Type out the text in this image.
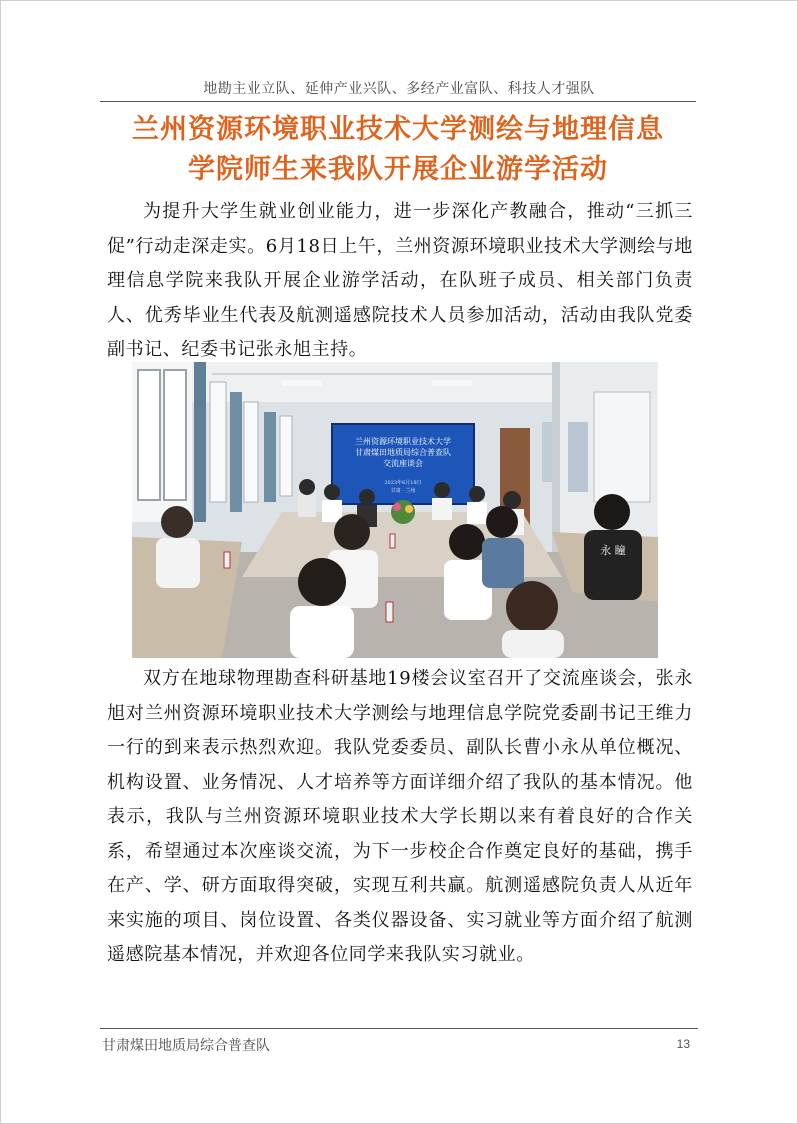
地勘主业立队、延伸产业兴队、多经产业富队、科技人才强队
兰州资源环境职业技术大学测绘与地理信息
学院师生来我队开展企业游学活动

为提升大学生就业创业能力，进一步深化产教融合，推动“三抓三促”行动走深走实。6月18日上午，兰州资源环境职业技术大学测绘与地理信息学院来我队开展企业游学活动，在队班子成员、相关部门负责人、优秀毕业生代表及航测遥感院技术人员参加活动，活动由我队党委副书记、纪委书记张永旭主持。

兰州资源环境职业技术大学
甘肃煤田地质局综合普查队
交流座谈会
2023年6月18日
甘肃 · 兰州
永 瞳

双方在地球物理勘查科研基地19楼会议室召开了交流座谈会，张永旭对兰州资源环境职业技术大学测绘与地理信息学院党委副书记王维力一行的到来表示热烈欢迎。我队党委委员、副队长曹小永从单位概况、机构设置、业务情况、人才培养等方面详细介绍了我队的基本情况。他表示，我队与兰州资源环境职业技术大学长期以来有着良好的合作关系，希望通过本次座谈交流，为下一步校企合作奠定良好的基础，携手在产、学、研方面取得突破，实现互利共赢。航测遥感院负责人从近年来实施的项目、岗位设置、各类仪器设备、实习就业等方面介绍了航测遥感院基本情况，并欢迎各位同学来我队实习就业。

甘肃煤田地质局综合普查队	13
